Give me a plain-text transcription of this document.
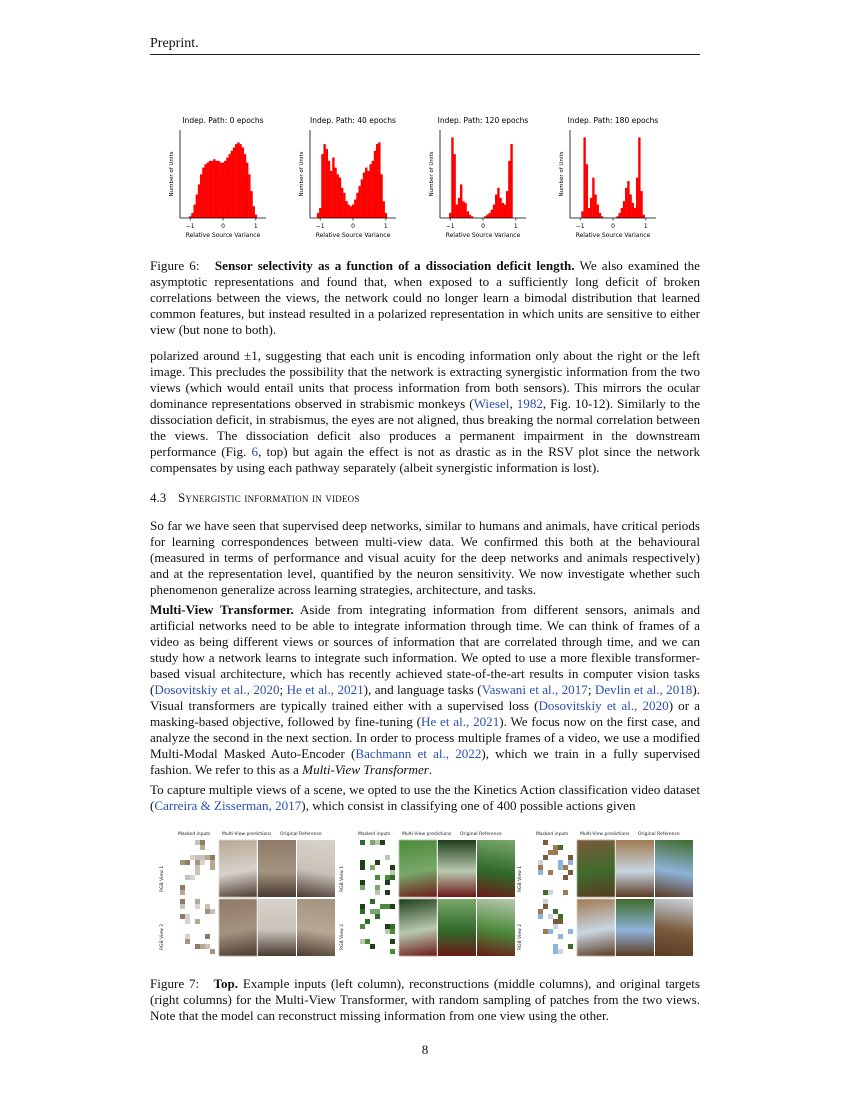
Preprint.
Indep. Path: 0 epochs
Number of Units
−1	0	1
Relative Source Variance
Indep. Path: 40 epochs
Number of Units
−1	0	1
Relative Source Variance
Indep. Path: 120 epochs
Number of Units
−1	0	1
Relative Source Variance
Indep. Path: 180 epochs
Number of Units
−1	0	1
Relative Source Variance
Figure 6: Sensor selectivity as a function of a dissociation deficit length. We also examined the asymptotic representations and found that, when exposed to a sufficiently long deficit of broken correlations between the views, the network could no longer learn a bimodal distribution that learned common features, but instead resulted in a polarized representation in which units are sensitive to either view (but none to both).
polarized around ±1, suggesting that each unit is encoding information only about the right or the left image. This precludes the possibility that the network is extracting synergistic information from the two views (which would entail units that process information from both sensors). This mirrors the ocular dominance representations observed in strabismic monkeys (Wiesel, 1982, Fig. 10-12). Similarly to the dissociation deficit, in strabismus, the eyes are not aligned, thus breaking the normal correlation between the views. The dissociation deficit also produces a permanent impairment in the downstream performance (Fig. 6, top) but again the effect is not as drastic as in the RSV plot since the network compensates by using each pathway separately (albeit synergistic information is lost).
4.3 Synergistic information in videos
So far we have seen that supervised deep networks, similar to humans and animals, have critical periods for learning correspondences between multi-view data. We confirmed this both at the behavioural (measured in terms of performance and visual acuity for the deep networks and animals respectively) and at the representation level, quantified by the neuron sensitivity. We now investigate whether such phenomenon generalize across learning strategies, architecture, and tasks.
Multi-View Transformer. Aside from integrating information from different sensors, animals and artificial networks need to be able to integrate information through time. We can think of frames of a video as being different views or sources of information that are correlated through time, and we can study how a network learns to integrate such information. We opted to use a more flexible transformer-based visual architecture, which has recently achieved state-of-the-art results in computer vision tasks (Dosovitskiy et al., 2020; He et al., 2021), and language tasks (Vaswani et al., 2017; Devlin et al., 2018). Visual transformers are typically trained either with a supervised loss (Dosovitskiy et al., 2020) or a masking-based objective, followed by fine-tuning (He et al., 2021). We focus now on the first case, and analyze the second in the next section. In order to process multiple frames of a video, we use a modified Multi-Modal Masked Auto-Encoder (Bachmann et al., 2022), which we train in a fully supervised fashion. We refer to this as a Multi-View Transformer.
To capture multiple views of a scene, we opted to use the the Kinetics Action classification video dataset (Carreira & Zisserman, 2017), which consist in classifying one of 400 possible actions given
Masked inputs	Multi-View predictions Original Reference
RGB View 1
RGB View 2
Masked inputs	Multi-View predictions Original Reference
RGB View 1
RGB View 2
Masked inputs	Multi-View predictions Original Reference
RGB View 1
RGB View 2
Figure 7: Top. Example inputs (left column), reconstructions (middle columns), and original targets (right columns) for the Multi-View Transformer, with random sampling of patches from the two views. Note that the model can reconstruct missing information from one view using the other.
8
